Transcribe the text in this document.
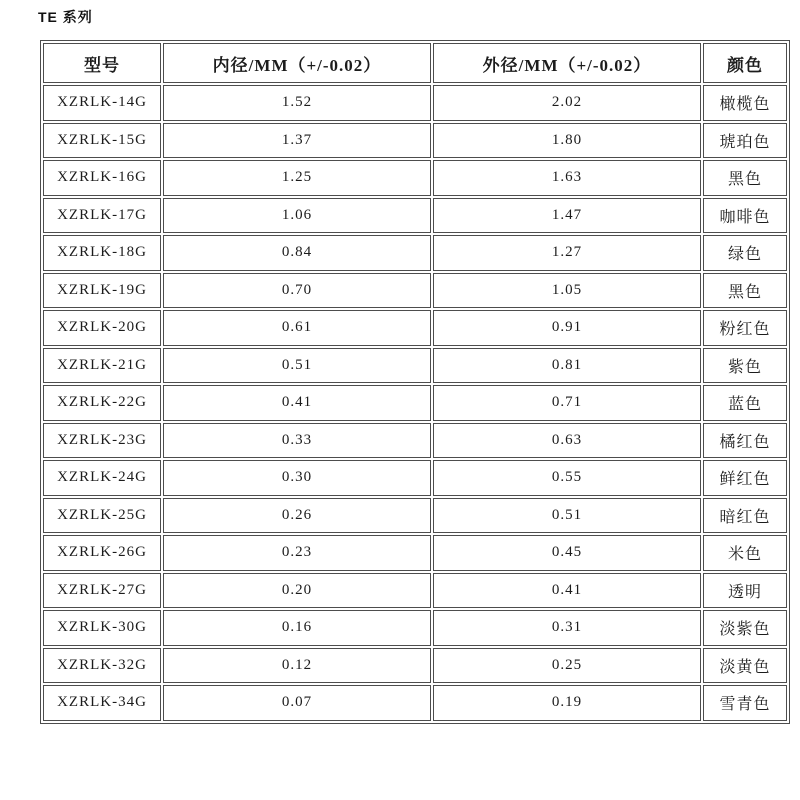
TE 系列
型号	内径/MM（+/-0.02）	外径/MM（+/-0.02）	颜色
XZRLK-14G	1.52	2.02	橄榄色
XZRLK-15G	1.37	1.80	琥珀色
XZRLK-16G	1.25	1.63	黑色
XZRLK-17G	1.06	1.47	咖啡色
XZRLK-18G	0.84	1.27	绿色
XZRLK-19G	0.70	1.05	黑色
XZRLK-20G	0.61	0.91	粉红色
XZRLK-21G	0.51	0.81	紫色
XZRLK-22G	0.41	0.71	蓝色
XZRLK-23G	0.33	0.63	橘红色
XZRLK-24G	0.30	0.55	鲜红色
XZRLK-25G	0.26	0.51	暗红色
XZRLK-26G	0.23	0.45	米色
XZRLK-27G	0.20	0.41	透明
XZRLK-30G	0.16	0.31	淡紫色
XZRLK-32G	0.12	0.25	淡黄色
XZRLK-34G	0.07	0.19	雪青色
